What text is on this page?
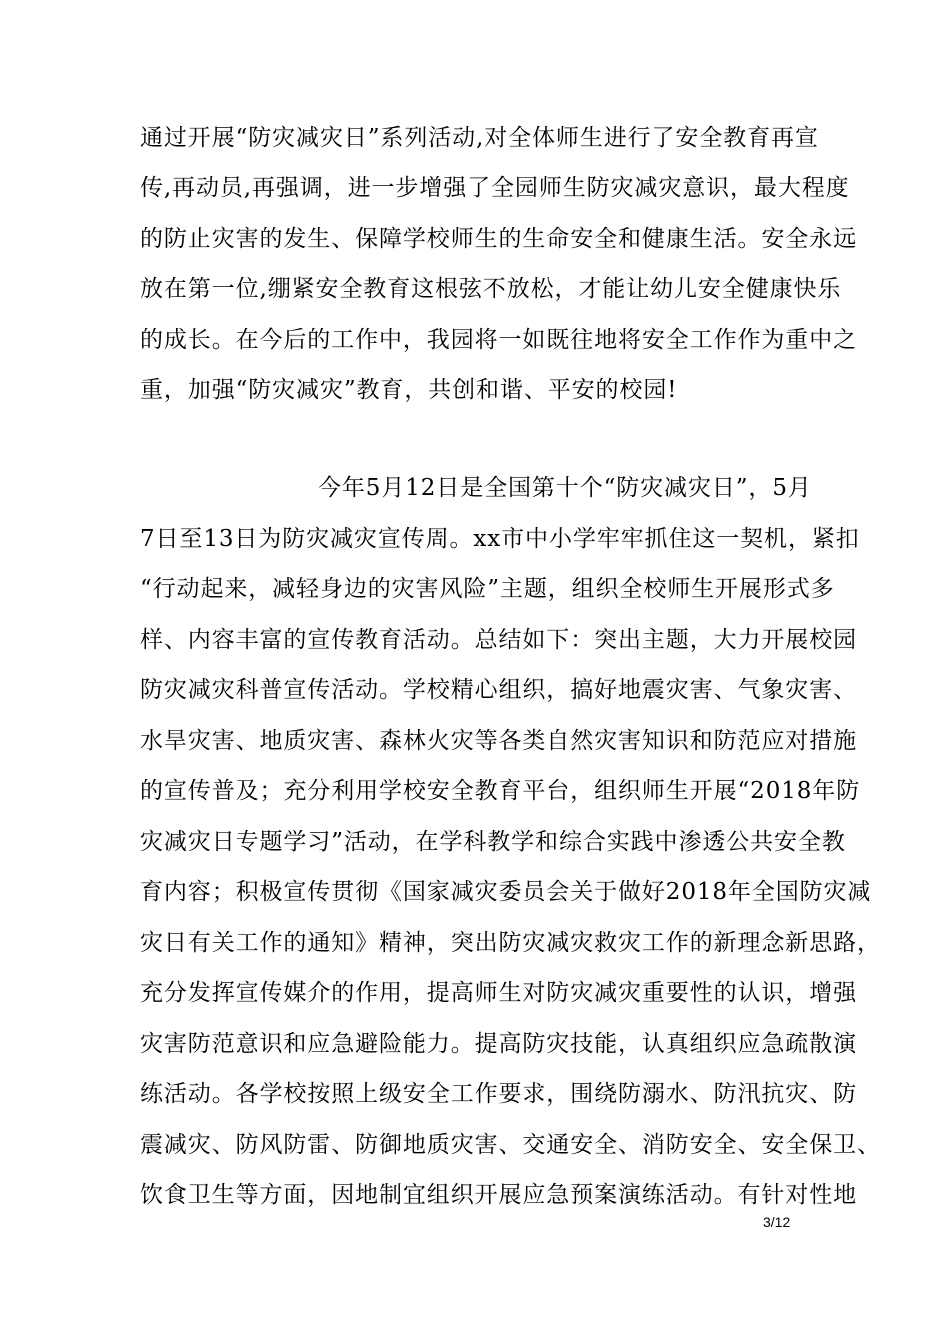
通过开展“防灾减灾日”系列活动,对全体师生进行了安全教育再宣
传,再动员,再强调，进一步增强了全园师生防灾减灾意识，最大程度
的防止灾害的发生、保障学校师生的生命安全和健康生活。安全永远
放在第一位,绷紧安全教育这根弦不放松，才能让幼儿安全健康快乐
的成长。在今后的工作中，我园将一如既往地将安全工作作为重中之
重，加强“防灾减灾”教育，共创和谐、平安的校园!
今年5月12日是全国第十个“防灾减灾日”，5月
7日至13日为防灾减灾宣传周。xx市中小学牢牢抓住这一契机，紧扣
“行动起来，减轻身边的灾害风险”主题，组织全校师生开展形式多
样、内容丰富的宣传教育活动。总结如下：突出主题，大力开展校园
防灾减灾科普宣传活动。学校精心组织，搞好地震灾害、气象灾害、
水旱灾害、地质灾害、森林火灾等各类自然灾害知识和防范应对措施
的宣传普及；充分利用学校安全教育平台，组织师生开展“2018年防
灾减灾日专题学习”活动，在学科教学和综合实践中渗透公共安全教
育内容；积极宣传贯彻《国家减灾委员会关于做好2018年全国防灾减
灾日有关工作的通知》精神，突出防灾减灾救灾工作的新理念新思路，
充分发挥宣传媒介的作用，提高师生对防灾减灾重要性的认识，增强
灾害防范意识和应急避险能力。提高防灾技能，认真组织应急疏散演
练活动。各学校按照上级安全工作要求，围绕防溺水、防汛抗灾、防
震减灾、防风防雷、防御地质灾害、交通安全、消防安全、安全保卫、
饮食卫生等方面，因地制宜组织开展应急预案演练活动。有针对性地
3/12
